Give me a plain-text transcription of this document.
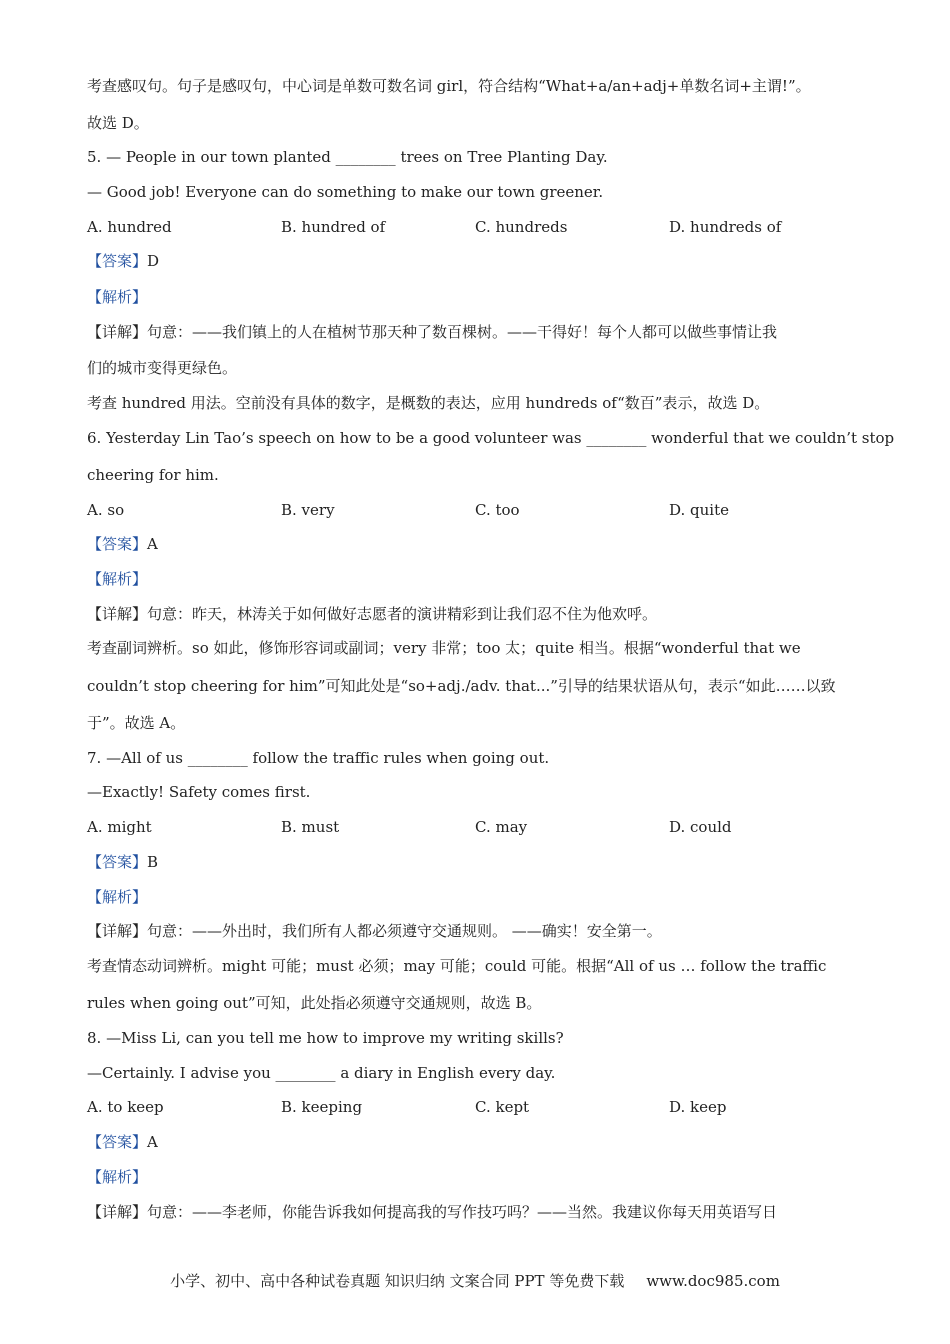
考查感叹句。句子是感叹句，中心词是单数可数名词 girl，符合结构“What+a/an+adj+单数名词+主谓!”。
故选 D。
5. — People in our town planted ________ trees on Tree Planting Day.
— Good job! Everyone can do something to make our town greener.
A. hundred	B. hundred of	C. hundreds	D. hundreds of
【答案】D
【解析】
【详解】句意：——我们镇上的人在植树节那天种了数百棵树。——干得好！每个人都可以做些事情让我
们的城市变得更绿色。
考查 hundred 用法。空前没有具体的数字，是概数的表达，应用 hundreds of“数百”表示，故选 D。
6. Yesterday Lin Tao’s speech on how to be a good volunteer was ________ wonderful that we couldn’t stop
cheering for him.
A. so	B. very	C. too	D. quite
【答案】A
【解析】
【详解】句意：昨天，林涛关于如何做好志愿者的演讲精彩到让我们忍不住为他欢呼。
考查副词辨析。so 如此，修饰形容词或副词；very 非常；too 太；quite 相当。根据“wonderful that we
couldn’t stop cheering for him”可知此处是“so+adj./adv. that...”引导的结果状语从句，表示“如此……以致
于”。故选 A。
7. —All of us ________ follow the traffic rules when going out.
—Exactly! Safety comes first.
A. might	B. must	C. may	D. could
【答案】B
【解析】
【详解】句意：——外出时，我们所有人都必须遵守交通规则。 ——确实！安全第一。
考查情态动词辨析。might 可能；must 必须；may 可能；could 可能。根据“All of us … follow the traffic
rules when going out”可知，此处指必须遵守交通规则，故选 B。
8. —Miss Li, can you tell me how to improve my writing skills?
—Certainly. I advise you ________ a diary in English every day.
A. to keep	B. keeping	C. kept	D. keep
【答案】A
【解析】
【详解】句意：——李老师，你能告诉我如何提高我的写作技巧吗？——当然。我建议你每天用英语写日
小学、初中、高中各种试卷真题 知识归纳 文案合同 PPT 等免费下载 www.doc985.com
